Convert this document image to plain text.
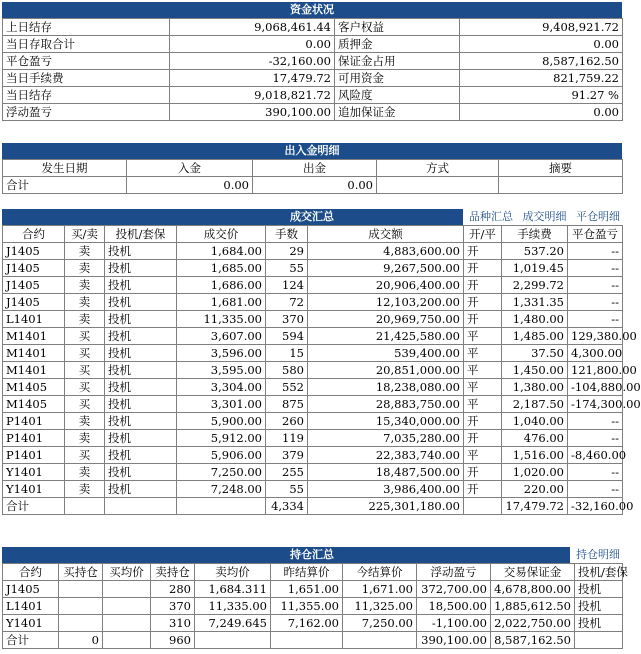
资金状况
上日结存	9,068,461.44	客户权益	9,408,921.72
当日存取合计	0.00	质押金	0.00
平仓盈亏	-32,160.00	保证金占用	8,587,162.50
当日手续费	17,479.72	可用资金	821,759.22
当日结存	9,018,821.72	风险度	91.27 %
浮动盈亏	390,100.00	追加保证金	0.00
出入金明细
发生日期	入金	出金	方式	摘要
合计	0.00	0.00		
成交汇总	品种汇总 成交明细 平仓明细
合约	买/卖	投机/套保	成交价	手数	成交额	开/平	手续费	平仓盈亏
J1405	卖	投机	1,684.00	29	4,883,600.00	开	537.20	--
J1405	卖	投机	1,685.00	55	9,267,500.00	开	1,019.45	--
J1405	卖	投机	1,686.00	124	20,906,400.00	开	2,299.72	--
J1405	卖	投机	1,681.00	72	12,103,200.00	开	1,331.35	--
L1401	卖	投机	11,335.00	370	20,969,750.00	开	1,480.00	--
M1401	买	投机	3,607.00	594	21,425,580.00	平	1,485.00	129,380.00
M1401	买	投机	3,596.00	15	539,400.00	平	37.50	4,300.00
M1401	买	投机	3,595.00	580	20,851,000.00	平	1,450.00	121,800.00
M1405	买	投机	3,304.00	552	18,238,080.00	平	1,380.00	-104,880.00
M1405	买	投机	3,301.00	875	28,883,750.00	平	2,187.50	-174,300.00
P1401	卖	投机	5,900.00	260	15,340,000.00	开	1,040.00	--
P1401	卖	投机	5,912.00	119	7,035,280.00	开	476.00	--
P1401	买	投机	5,906.00	379	22,383,740.00	平	1,516.00	-8,460.00
Y1401	卖	投机	7,250.00	255	18,487,500.00	开	1,020.00	--
Y1401	卖	投机	7,248.00	55	3,986,400.00	开	220.00	--
合计				4,334	225,301,180.00		17,479.72	-32,160.00
持仓汇总	持仓明细
合约	买持仓	买均价	卖持仓	卖均价	昨结算价	今结算价	浮动盈亏	交易保证金	投机/套保
J1405			280	1,684.311	1,651.00	1,671.00	372,700.00	4,678,800.00	投机
L1401			370	11,335.00	11,355.00	11,325.00	18,500.00	1,885,612.50	投机
Y1401			310	7,249.645	7,162.00	7,250.00	-1,100.00	2,022,750.00	投机
合计	0		960				390,100.00	8,587,162.50	
